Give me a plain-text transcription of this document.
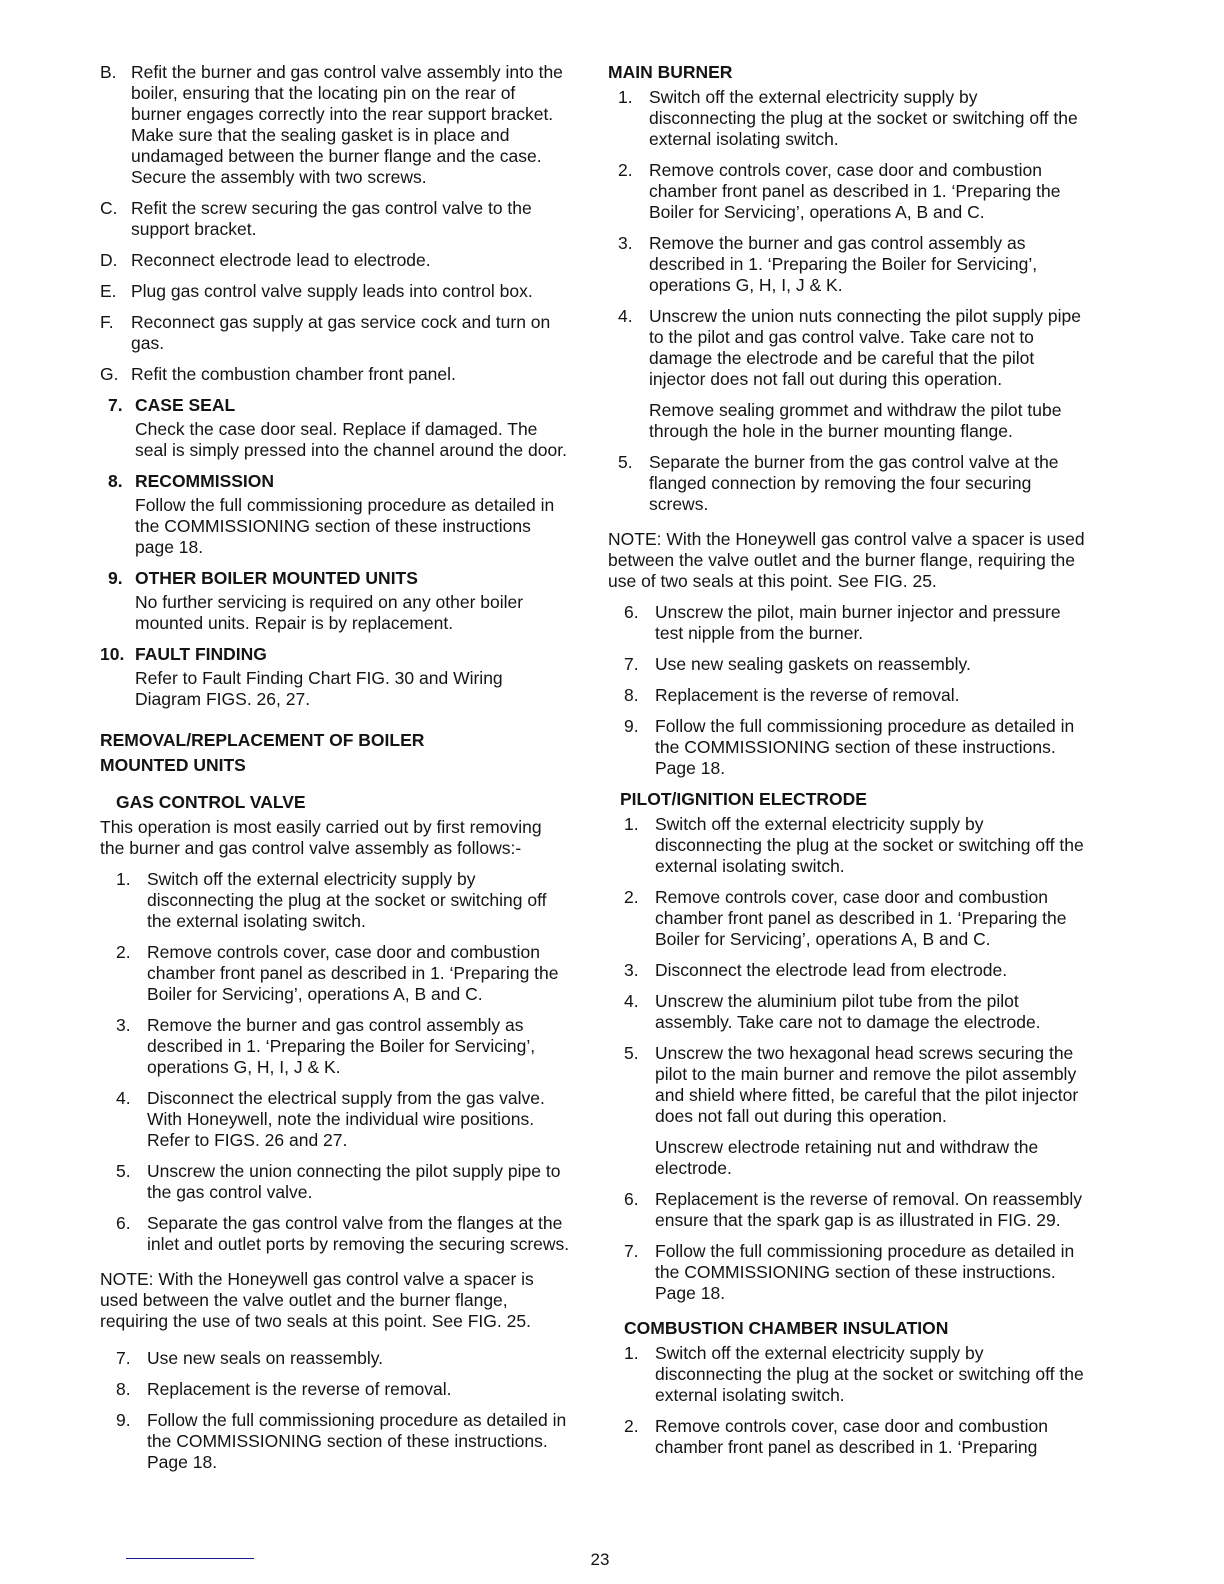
B. Refit the burner and gas control valve assembly into the boiler, ensuring that the locating pin on the rear of burner engages correctly into the rear support bracket. Make sure that the sealing gasket is in place and undamaged between the burner flange and the case. Secure the assembly with two screws.
C. Refit the screw securing the gas control valve to the support bracket.
D. Reconnect electrode lead to electrode.
E. Plug gas control valve supply leads into control box.
F. Reconnect gas supply at gas service cock and turn on gas.
G. Refit the combustion chamber front panel.
7. CASE SEAL
Check the case door seal. Replace if damaged. The seal is simply pressed into the channel around the door.
8. RECOMMISSION
Follow the full commissioning procedure as detailed in the COMMISSIONING section of these instructions page 18.
9. OTHER BOILER MOUNTED UNITS
No further servicing is required on any other boiler mounted units. Repair is by replacement.
10. FAULT FINDING
Refer to Fault Finding Chart FIG. 30 and Wiring Diagram FIGS. 26, 27.

REMOVAL/REPLACEMENT OF BOILER

MOUNTED UNITS

GAS CONTROL VALVE

This operation is most easily carried out by first removing the burner and gas control valve assembly as follows:-

1. Switch off the external electricity supply by disconnecting the plug at the socket or switching off the external isolating switch.
2. Remove controls cover, case door and combustion chamber front panel as described in 1. ‘Preparing the Boiler for Servicing’, operations A, B and C.
3. Remove the burner and gas control assembly as described in 1. ‘Preparing the Boiler for Servicing’, operations G, H, I, J & K.
4. Disconnect the electrical supply from the gas valve. With Honeywell, note the individual wire positions. Refer to FIGS. 26 and 27.
5. Unscrew the union connecting the pilot supply pipe to the gas control valve.
6. Separate the gas control valve from the flanges at the inlet and outlet ports by removing the securing screws.

NOTE: With the Honeywell gas control valve a spacer is used between the valve outlet and the burner flange, requiring the use of two seals at this point. See FIG. 25.

7. Use new seals on reassembly.
8. Replacement is the reverse of removal.
9. Follow the full commissioning procedure as detailed in the COMMISSIONING section of these instructions. Page 18.

MAIN BURNER

1. Switch off the external electricity supply by disconnecting the plug at the socket or switching off the external isolating switch.

2. Remove controls cover, case door and combustion chamber front panel as described in 1. ‘Preparing the Boiler for Servicing’, operations A, B and C.

3. Remove the burner and gas control assembly as described in 1. ‘Preparing the Boiler for Servicing’, operations G, H, I, J & K.

4. Unscrew the union nuts connecting the pilot supply pipe to the pilot and gas control valve. Take care not to damage the electrode and be careful that the pilot injector does not fall out during this operation.

Remove sealing grommet and withdraw the pilot tube through the hole in the burner mounting flange.

5. Separate the burner from the gas control valve at the flanged connection by removing the four securing screws.

NOTE: With the Honeywell gas control valve a spacer is used between the valve outlet and the burner flange, requiring the use of two seals at this point. See FIG. 25.

6. Unscrew the pilot, main burner injector and pressure test nipple from the burner.

7. Use new sealing gaskets on reassembly.

8. Replacement is the reverse of removal.

9. Follow the full commissioning procedure as detailed in the COMMISSIONING section of these instructions. Page 18.

PILOT/IGNITION ELECTRODE

1. Switch off the external electricity supply by disconnecting the plug at the socket or switching off the external isolating switch.

2. Remove controls cover, case door and combustion chamber front panel as described in 1. ‘Preparing the Boiler for Servicing’, operations A, B and C.

3. Disconnect the electrode lead from electrode.

4. Unscrew the aluminium pilot tube from the pilot assembly. Take care not to damage the electrode.

5. Unscrew the two hexagonal head screws securing the pilot to the main burner and remove the pilot assembly and shield where fitted, be careful that the pilot injector does not fall out during this operation.

Unscrew electrode retaining nut and withdraw the electrode.

6. Replacement is the reverse of removal. On reassembly ensure that the spark gap is as illustrated in FIG. 29.

7. Follow the full commissioning procedure as detailed in the COMMISSIONING section of these instructions. Page 18.

COMBUSTION CHAMBER INSULATION

1. Switch off the external electricity supply by disconnecting the plug at the socket or switching off the external isolating switch.

2. Remove controls cover, case door and combustion chamber front panel as described in 1. ‘Preparing

23
